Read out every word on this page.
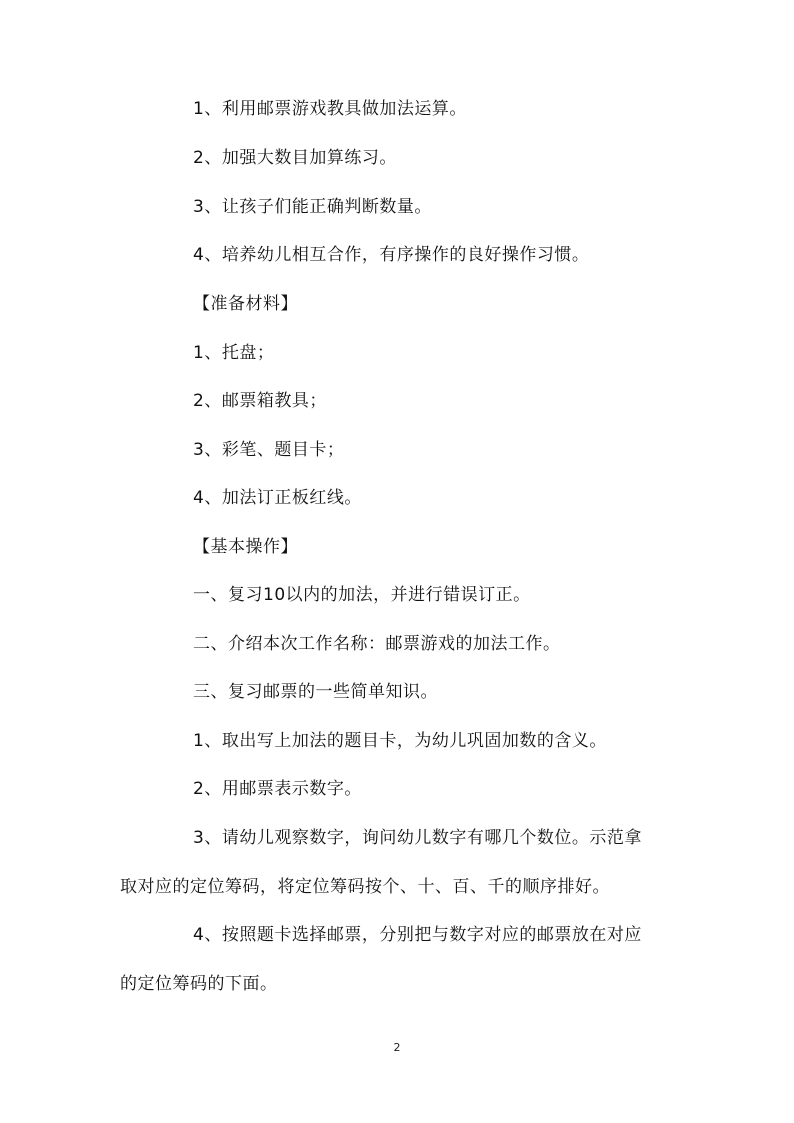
1、利用邮票游戏教具做加法运算。
2、加强大数目加算练习。
3、让孩子们能正确判断数量。
4、培养幼儿相互合作，有序操作的良好操作习惯。
【准备材料】
1、托盘；
2、邮票箱教具；
3、彩笔、题目卡；
4、加法订正板红线。
【基本操作】
一、复习10以内的加法，并进行错误订正。
二、介绍本次工作名称：邮票游戏的加法工作。
三、复习邮票的一些简单知识。
1、取出写上加法的题目卡，为幼儿巩固加数的含义。
2、用邮票表示数字。
3、请幼儿观察数字，询问幼儿数字有哪几个数位。示范拿
取对应的定位筹码，将定位筹码按个、十、百、千的顺序排好。
4、按照题卡选择邮票，分别把与数字对应的邮票放在对应
的定位筹码的下面。
2
